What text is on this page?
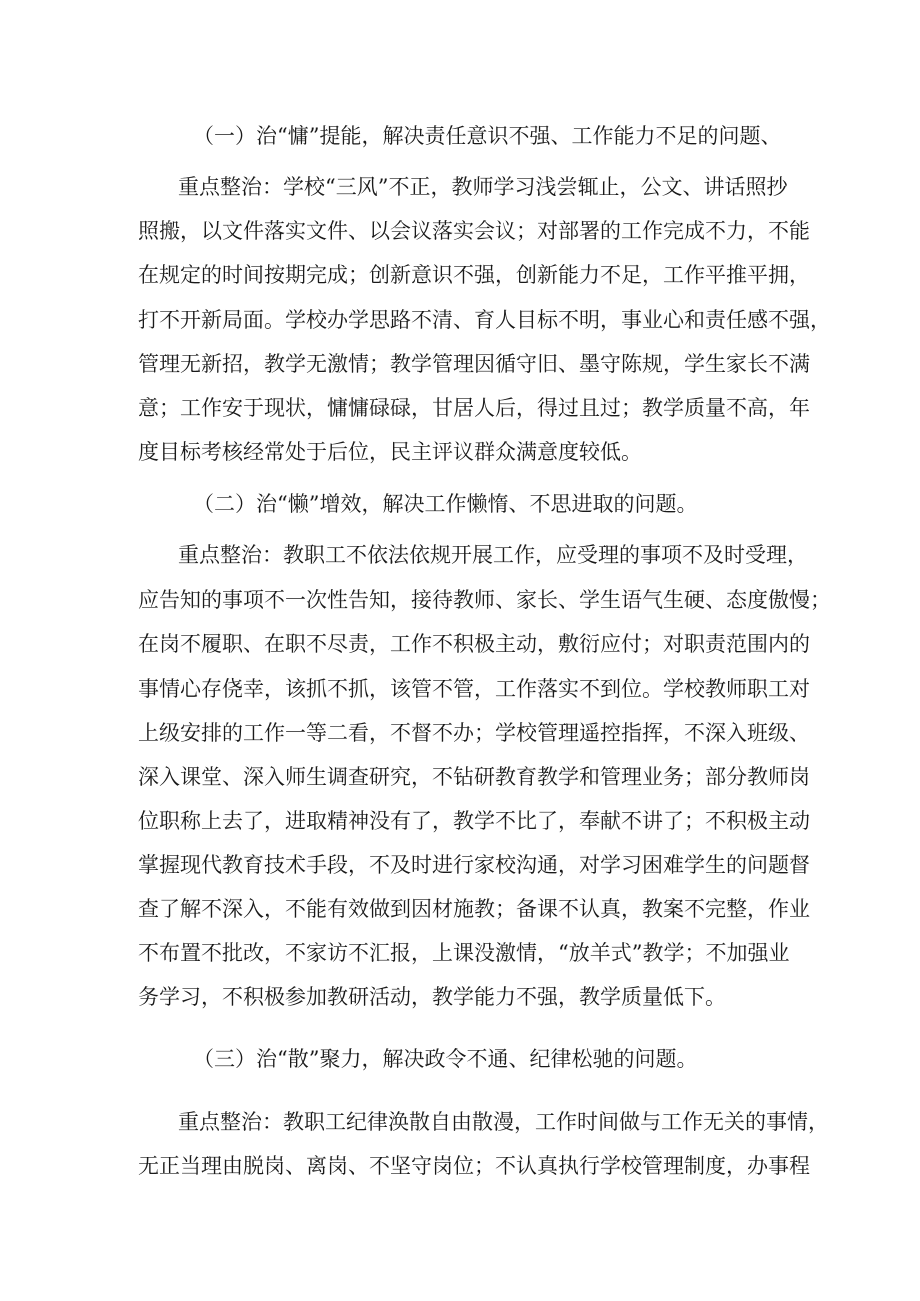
（一）治“慵”提能，解决责任意识不强、工作能力不足的问题、
重点整治：学校“三风”不正，教师学习浅尝辄止，公文、讲话照抄
照搬，以文件落实文件、以会议落实会议；对部署的工作完成不力，不能
在规定的时间按期完成；创新意识不强，创新能力不足，工作平推平拥，
打不开新局面。学校办学思路不清、育人目标不明，事业心和责任感不强，
管理无新招，教学无激情；教学管理因循守旧、墨守陈规，学生家长不满
意；工作安于现状，慵慵碌碌，甘居人后，得过且过；教学质量不高，年
度目标考核经常处于后位，民主评议群众满意度较低。
（二）治“懒”增效，解决工作懒惰、不思进取的问题。
重点整治：教职工不依法依规开展工作，应受理的事项不及时受理，
应告知的事项不一次性告知，接待教师、家长、学生语气生硬、态度傲慢；
在岗不履职、在职不尽责，工作不积极主动，敷衍应付；对职责范围内的
事情心存侥幸，该抓不抓，该管不管，工作落实不到位。学校教师职工对
上级安排的工作一等二看，不督不办；学校管理遥控指挥，不深入班级、
深入课堂、深入师生调查研究，不钻研教育教学和管理业务；部分教师岗
位职称上去了，进取精神没有了，教学不比了，奉献不讲了；不积极主动
掌握现代教育技术手段，不及时进行家校沟通，对学习困难学生的问题督
查了解不深入，不能有效做到因材施教；备课不认真，教案不完整，作业
不布置不批改，不家访不汇报，上课没激情，“放羊式”教学；不加强业
务学习，不积极参加教研活动，教学能力不强，教学质量低下。
（三）治“散”聚力，解决政令不通、纪律松驰的问题。
重点整治：教职工纪律涣散自由散漫，工作时间做与工作无关的事情，
无正当理由脱岗、离岗、不坚守岗位；不认真执行学校管理制度，办事程
